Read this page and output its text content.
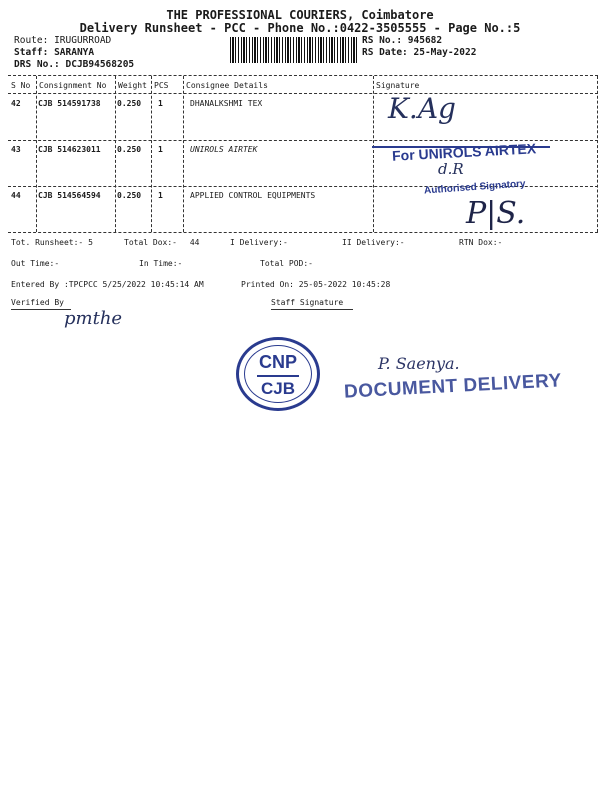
THE PROFESSIONAL COURIERS, Coimbatore
Delivery Runsheet - PCC - Phone No.:0422-3505555 - Page No.:5
Route: IRUGURROAD
Staff: SARANYA
DRS No.: DCJB94568205
RS No.: 945682
RS Date: 25-May-2022
S No Consignment No Weight PCS Consignee Details	Signature
42 CJB 514591738 0.250 1	DHANALKSHMI TEX	K.Ag
43 CJB 514623011 0.250 1	UNIROLS AIRTEK	For UNIROLS AIRTEX
d.R
44 CJB 514564594 0.250 1	APPLIED CONTROL EQUIPMENTS	Authorised Signatory
P|S.
Tot. Runsheet:- 5	Total Dox:- 44	I Delivery:-	II Delivery:-	RTN Dox:-
Out Time:-	In Time:-	Total POD:-
Entered By :TPCPCC 5/25/2022 10:45:14 AM	Printed On: 25-05-2022 10:45:28
Verified By	Staff Signature
pmthe
CNP
CJB
P. Saenya.
DOCUMENT DELIVERY
